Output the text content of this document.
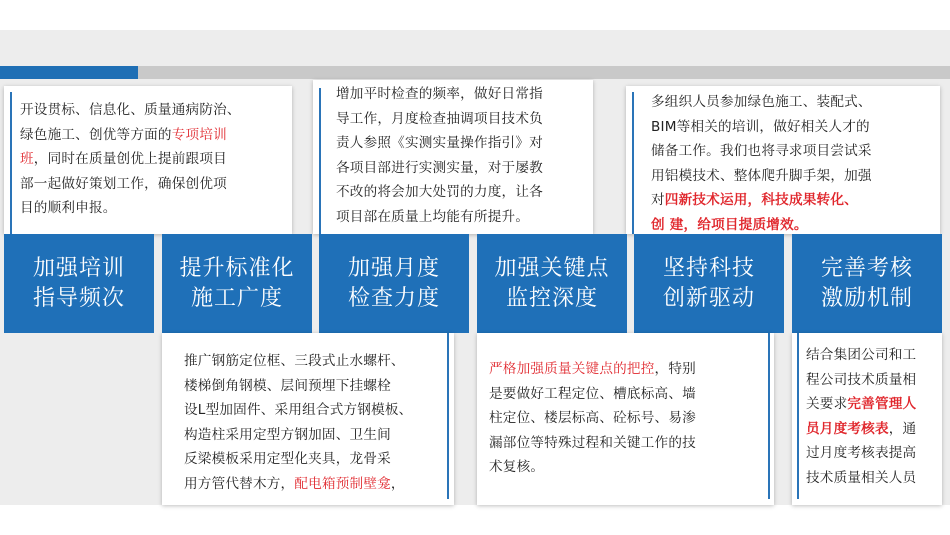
开设贯标、信息化、质量通病防治、
绿色施工、创优等方面的专项培训
班，同时在质量创优上提前跟项目
部一起做好策划工作，确保创优项
目的顺利申报。
增加平时检查的频率，做好日常指
导工作，月度检查抽调项目技术负
责人参照《实测实量操作指引》对
各项目部进行实测实量，对于屡教
不改的将会加大处罚的力度，让各
项目部在质量上均能有所提升。
多组织人员参加绿色施工、装配式、
BIM等相关的培训，做好相关人才的
储备工作。我们也将寻求项目尝试采
用铝模技术、整体爬升脚手架，加强
对四新技术运用，科技成果转化、
创 建，给项目提质增效。
加强培训
指导频次
提升标准化
施工广度
加强月度
检查力度
加强关键点
监控深度
坚持科技
创新驱动
完善考核
激励机制
推广钢筋定位框、三段式止水螺杆、
楼梯倒角钢模、层间预埋下挂螺栓
设L型加固件、采用组合式方钢模板、
构造柱采用定型方钢加固、卫生间
反梁模板采用定型化夹具，龙骨采
用方管代替木方，配电箱预制壁龛，
严格加强质量关键点的把控，特别
是要做好工程定位、槽底标高、墙
柱定位、楼层标高、砼标号、易渗
漏部位等特殊过程和关键工作的技
术复核。
结合集团公司和工
程公司技术质量相
关要求完善管理人
员月度考核表，通
过月度考核表提高
技术质量相关人员
